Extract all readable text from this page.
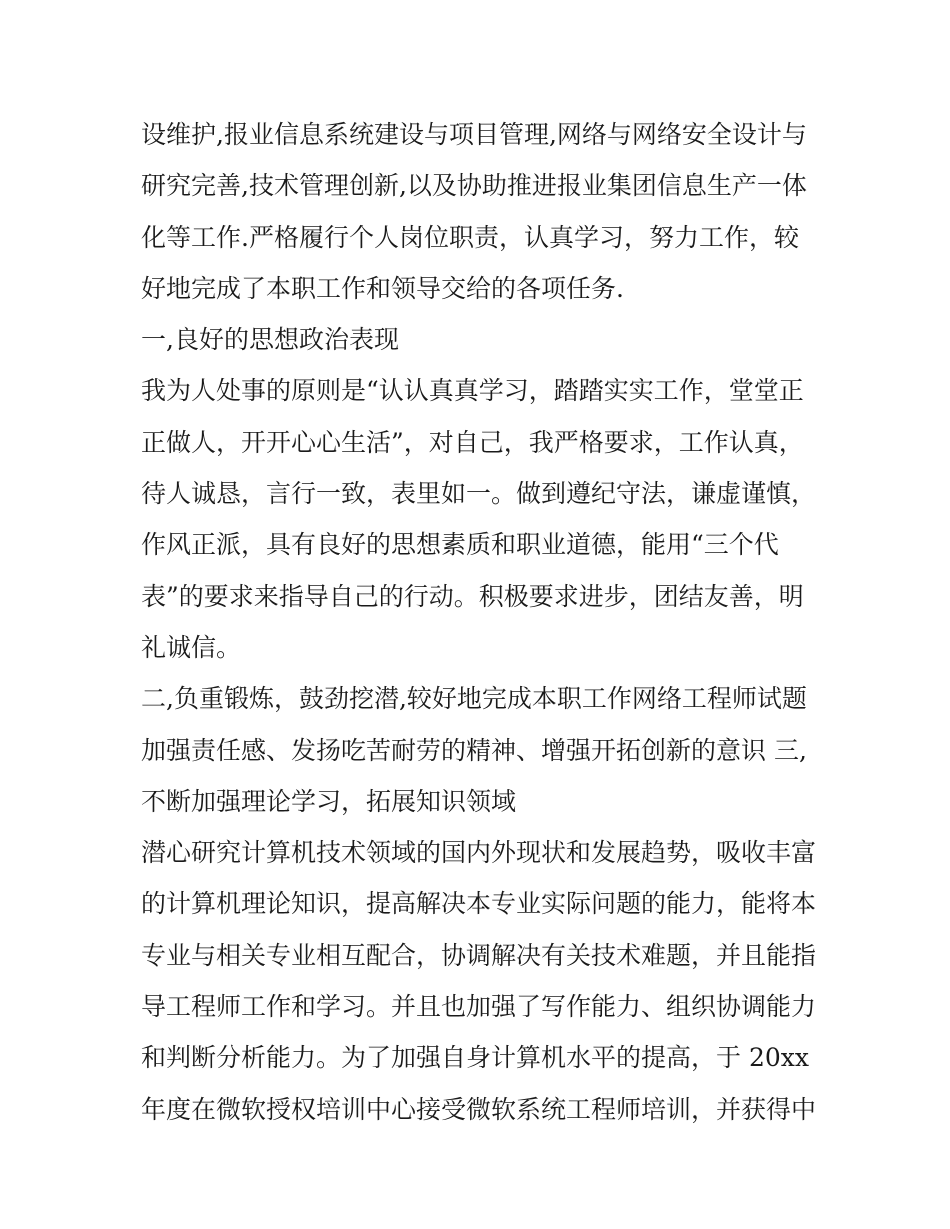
设维护,报业信息系统建设与项目管理,网络与网络安全设计与
研究完善,技术管理创新,以及协助推进报业集团信息生产一体
化等工作.严格履行个人岗位职责，认真学习，努力工作，较
好地完成了本职工作和领导交给的各项任务.
一,良好的思想政治表现
我为人处事的原则是“认认真真学习，踏踏实实工作，堂堂正
正做人，开开心心生活”，对自己，我严格要求，工作认真，
待人诚恳，言行一致，表里如一。做到遵纪守法，谦虚谨慎，
作风正派，具有良好的思想素质和职业道德，能用“三个代
表”的要求来指导自己的行动。积极要求进步，团结友善，明
礼诚信。
二,负重锻炼，鼓劲挖潜,较好地完成本职工作网络工程师试题
加强责任感、发扬吃苦耐劳的精神、增强开拓创新的意识 三,
不断加强理论学习，拓展知识领域
潜心研究计算机技术领域的国内外现状和发展趋势，吸收丰富
的计算机理论知识，提高解决本专业实际问题的能力，能将本
专业与相关专业相互配合，协调解决有关技术难题，并且能指
导工程师工作和学习。并且也加强了写作能力、组织协调能力
和判断分析能力。为了加强自身计算机水平的提高，于 20xx
年度在微软授权培训中心接受微软系统工程师培训，并获得中
